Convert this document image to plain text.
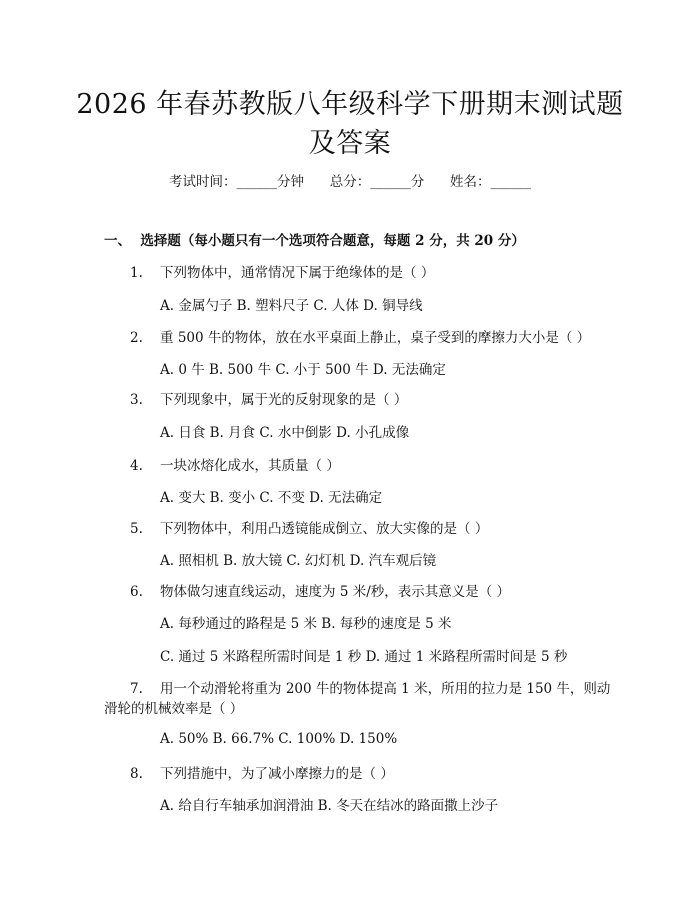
2026 年春苏教版八年级科学下册期末测试题
及答案
考试时间：______分钟      总分：______分      姓名：______
一、  选择题（每小题只有一个选项符合题意，每题 2 分，共 20 分）
1.    下列物体中，通常情况下属于绝缘体的是（ ）
A. 金属勺子 B. 塑料尺子 C. 人体 D. 铜导线
2.    重 500 牛的物体，放在水平桌面上静止，桌子受到的摩擦力大小是（ ）
A. 0 牛 B. 500 牛 C. 小于 500 牛 D. 无法确定
3.    下列现象中，属于光的反射现象的是（ ）
A. 日食 B. 月食 C. 水中倒影 D. 小孔成像
4.    一块冰熔化成水，其质量（ ）
A. 变大 B. 变小 C. 不变 D. 无法确定
5.    下列物体中，利用凸透镜能成倒立、放大实像的是（ ）
A. 照相机 B. 放大镜 C. 幻灯机 D. 汽车观后镜
6.    物体做匀速直线运动，速度为 5 米/秒，表示其意义是（ ）
A. 每秒通过的路程是 5 米 B. 每秒的速度是 5 米
C. 通过 5 米路程所需时间是 1 秒 D. 通过 1 米路程所需时间是 5 秒
7.    用一个动滑轮将重为 200 牛的物体提高 1 米，所用的拉力是 150 牛，则动
滑轮的机械效率是（ ）
A. 50% B. 66.7% C. 100% D. 150%
8.    下列措施中，为了减小摩擦力的是（ ）
A. 给自行车轴承加润滑油 B. 冬天在结冰的路面撒上沙子
